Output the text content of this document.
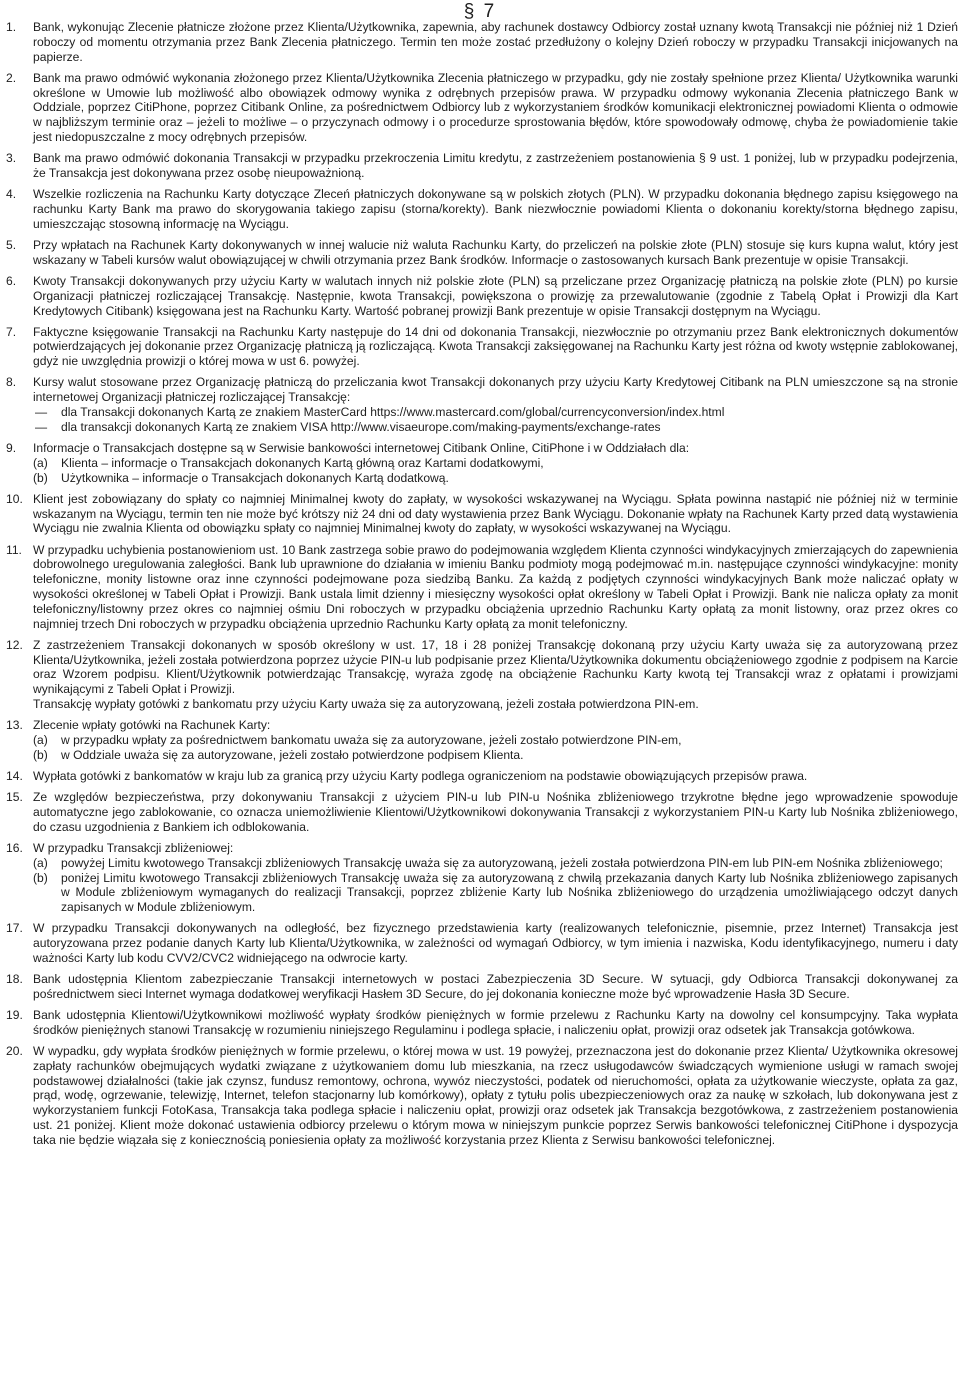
§ 7
1.	Bank, wykonując Zlecenie płatnicze złożone przez Klienta/Użytkownika, zapewnia, aby rachunek dostawcy Odbiorcy został uznany kwotą Transakcji nie później niż 1 Dzień roboczy od momentu otrzymania przez Bank Zlecenia płatniczego. Termin ten może zostać przedłużony o kolejny Dzień roboczy w przypadku Transakcji inicjowanych na papierze.

2.	Bank ma prawo odmówić wykonania złożonego przez Klienta/Użytkownika Zlecenia płatniczego w przypadku, gdy nie zostały spełnione przez Klienta/ Użytkownika warunki określone w Umowie lub możliwość albo obowiązek odmowy wynika z odrębnych przepisów prawa. W przypadku odmowy wykonania Zlecenia płatniczego Bank w Oddziale, poprzez CitiPhone, poprzez Citibank Online, za pośrednictwem Odbiorcy lub z wykorzystaniem środków komunikacji elektronicznej powiadomi Klienta o odmowie w najbliższym terminie oraz – jeżeli to możliwe – o przyczynach odmowy i o procedurze sprostowania błędów, które spowodowały odmowę, chyba że powiadomienie takie jest niedopuszczalne z mocy odrębnych przepisów.

3.	Bank ma prawo odmówić dokonania Transakcji w przypadku przekroczenia Limitu kredytu, z zastrzeżeniem postanowienia § 9 ust. 1 poniżej, lub w przypadku podejrzenia, że Transakcja jest dokonywana przez osobę nieupoważnioną.

4.	Wszelkie rozliczenia na Rachunku Karty dotyczące Zleceń płatniczych dokonywane są w polskich złotych (PLN). W przypadku dokonania błędnego zapisu księgowego na rachunku Karty Bank ma prawo do skorygowania takiego zapisu (storna/korekty). Bank niezwłocznie powiadomi Klienta o dokonaniu korekty/storna błędnego zapisu, umieszczając stosowną informację na Wyciągu.

5.	Przy wpłatach na Rachunek Karty dokonywanych w innej walucie niż waluta Rachunku Karty, do przeliczeń na polskie złote (PLN) stosuje się kurs kupna walut, który jest wskazany w Tabeli kursów walut obowiązującej w chwili otrzymania przez Bank środków. Informacje o zastosowanych kursach Bank prezentuje w opisie Transakcji.

6.	Kwoty Transakcji dokonywanych przy użyciu Karty w walutach innych niż polskie złote (PLN) są przeliczane przez Organizację płatniczą na polskie złote (PLN) po kursie Organizacji płatniczej rozliczającej Transakcję. Następnie, kwota Transakcji, powiększona o prowizję za przewalutowanie (zgodnie z Tabelą Opłat i Prowizji dla Kart Kredytowych Citibank) księgowana jest na Rachunku Karty. Wartość pobranej prowizji Bank prezentuje w opisie Transakcji dostępnym na Wyciągu.

7.	Faktyczne księgowanie Transakcji na Rachunku Karty następuje do 14 dni od dokonania Transakcji, niezwłocznie po otrzymaniu przez Bank elektronicznych dokumentów potwierdzających jej dokonanie przez Organizację płatniczą ją rozliczającą. Kwota Transakcji zaksięgowanej na Rachunku Karty jest różna od kwoty wstępnie zablokowanej, gdyż nie uwzględnia prowizji o której mowa w ust 6. powyżej.

8.	Kursy walut stosowane przez Organizację płatniczą do przeliczania kwot Transakcji dokonanych przy użyciu Karty Kredytowej Citibank na PLN umieszczone są na stronie internetowej Organizacji płatniczej rozliczającej Transakcję:

—	dla Transakcji dokonanych Kartą ze znakiem MasterCard https://www.mastercard.com/global/currencyconversion/index.html
—	dla transakcji dokonanych Kartą ze znakiem VISA http://www.visaeurope.com/making-payments/exchange-rates
9.	Informacje o Transakcjach dostępne są w Serwisie bankowości internetowej Citibank Online, CitiPhone i w Oddziałach dla:

(a)	Klienta – informacje o Transakcjach dokonanych Kartą główną oraz Kartami dodatkowymi,
(b)	Użytkownika – informacje o Transakcjach dokonanych Kartą dodatkową.
10. Klient jest zobowiązany do spłaty co najmniej Minimalnej kwoty do zapłaty, w wysokości wskazywanej na Wyciągu. Spłata powinna nastąpić nie później niż w terminie wskazanym na Wyciągu, termin ten nie może być krótszy niż 24 dni od daty wystawienia przez Bank Wyciągu. Dokonanie wpłaty na Rachunek Karty przed datą wystawienia Wyciągu nie zwalnia Klienta od obowiązku spłaty co najmniej Minimalnej kwoty do zapłaty, w wysokości wskazywanej na Wyciągu.

11. W przypadku uchybienia postanowieniom ust. 10 Bank zastrzega sobie prawo do podejmowania względem Klienta czynności windykacyjnych zmierzających do zapewnienia dobrowolnego uregulowania zaległości. Bank lub uprawnione do działania w imieniu Banku podmioty mogą podejmować m.in. następujące czynności windykacyjne: monity telefoniczne, monity listowne oraz inne czynności podejmowane poza siedzibą Banku. Za każdą z podjętych czynności windykacyjnych Bank może naliczać opłaty w wysokości określonej w Tabeli Opłat i Prowizji. Bank ustala limit dzienny i miesięczny wysokości opłat określony w Tabeli Opłat i Prowizji. Bank nie nalicza opłaty za monit telefoniczny/listowny przez okres co najmniej ośmiu Dni roboczych w przypadku obciążenia uprzednio Rachunku Karty opłatą za monit listowny, oraz przez okres co najmniej trzech Dni roboczych w przypadku obciążenia uprzednio Rachunku Karty opłatą za monit telefoniczny.

12. Z zastrzeżeniem Transakcji dokonanych w sposób określony w ust. 17, 18 i 28 poniżej Transakcję dokonaną przy użyciu Karty uważa się za autoryzowaną przez Klienta/Użytkownika, jeżeli została potwierdzona poprzez użycie PIN-u lub podpisanie przez Klienta/Użytkownika dokumentu obciążeniowego zgodnie z podpisem na Karcie oraz Wzorem podpisu. Klient/Użytkownik potwierdzając Transakcję, wyraża zgodę na obciążenie Rachunku Karty kwotą tej Transakcji wraz z opłatami i prowizjami wynikającymi z Tabeli Opłat i Prowizji.

Transakcję wypłaty gotówki z bankomatu przy użyciu Karty uważa się za autoryzowaną, jeżeli została potwierdzona PIN-em.

13. Zlecenie wpłaty gotówki na Rachunek Karty:

(a)	w przypadku wpłaty za pośrednictwem bankomatu uważa się za autoryzowane, jeżeli zostało potwierdzone PIN-em,
(b)	w Oddziale uważa się za autoryzowane, jeżeli zostało potwierdzone podpisem Klienta.
14. Wypłata gotówki z bankomatów w kraju lub za granicą przy użyciu Karty podlega ograniczeniom na podstawie obowiązujących przepisów prawa.

15. Ze względów bezpieczeństwa, przy dokonywaniu Transakcji z użyciem PIN-u lub PIN-u Nośnika zbliżeniowego trzykrotne błędne jego wprowadzenie spowoduje automatyczne jego zablokowanie, co oznacza uniemożliwienie Klientowi/Użytkownikowi dokonywania Transakcji z wykorzystaniem PIN-u Karty lub Nośnika zbliżeniowego, do czasu uzgodnienia z Bankiem ich odblokowania.

16. W przypadku Transakcji zbliżeniowej:

(a)	powyżej Limitu kwotowego Transakcji zbliżeniowych Transakcję uważa się za autoryzowaną, jeżeli została potwierdzona PIN-em lub PIN-em Nośnika zbliżeniowego;
(b)	poniżej Limitu kwotowego Transakcji zbliżeniowych Transakcję uważa się za autoryzowaną z chwilą przekazania danych Karty lub Nośnika zbliżeniowego zapisanych w Module zbliżeniowym wymaganych do realizacji Transakcji, poprzez zbliżenie Karty lub Nośnika zbliżeniowego do urządzenia umożliwiającego odczyt danych zapisanych w Module zbliżeniowym.
17. W przypadku Transakcji dokonywanych na odległość, bez fizycznego przedstawienia karty (realizowanych telefonicznie, pisemnie, przez Internet) Transakcja jest autoryzowana przez podanie danych Karty lub Klienta/Użytkownika, w zależności od wymagań Odbiorcy, w tym imienia i nazwiska, Kodu identyfikacyjnego, numeru i daty ważności Karty lub kodu CVV2/CVC2 widniejącego na odwrocie karty.

18. Bank udostępnia Klientom zabezpieczanie Transakcji internetowych w postaci Zabezpieczenia 3D Secure. W sytuacji, gdy Odbiorca Transakcji dokonywanej za pośrednictwem sieci Internet wymaga dodatkowej weryfikacji Hasłem 3D Secure, do jej dokonania konieczne może być wprowadzenie Hasła 3D Secure.

19. Bank udostępnia Klientowi/Użytkownikowi możliwość wypłaty środków pieniężnych w formie przelewu z Rachunku Karty na dowolny cel konsumpcyjny. Taka wypłata środków pieniężnych stanowi Transakcję w rozumieniu niniejszego Regulaminu i podlega spłacie, i naliczeniu opłat, prowizji oraz odsetek jak Transakcja gotówkowa.

20. W wypadku, gdy wypłata środków pieniężnych w formie przelewu, o której mowa w ust. 19 powyżej, przeznaczona jest do dokonanie przez Klienta/ Użytkownika okresowej zapłaty rachunków obejmujących wydatki związane z użytkowaniem domu lub mieszkania, na rzecz usługodawców świadczących wymienione usługi w ramach swojej podstawowej działalności (takie jak czynsz, fundusz remontowy, ochrona, wywóz nieczystości, podatek od nieruchomości, opłata za użytkowanie wieczyste, opłata za gaz, prąd, wodę, ogrzewanie, telewizję, Internet, telefon stacjonarny lub komórkowy), opłaty z tytułu polis ubezpieczeniowych oraz za naukę w szkołach, lub dokonywana jest z wykorzystaniem funkcji FotoKasa, Transakcja taka podlega spłacie i naliczeniu opłat, prowizji oraz odsetek jak Transakcja bezgotówkowa, z zastrzeżeniem postanowienia ust. 21 poniżej. Klient może dokonać ustawienia odbiorcy przelewu o którym mowa w niniejszym punkcie poprzez Serwis bankowości telefonicznej CitiPhone i dyspozycja taka nie będzie wiązała się z koniecznością poniesienia opłaty za możliwość korzystania przez Klienta z Serwisu bankowości telefonicznej.
